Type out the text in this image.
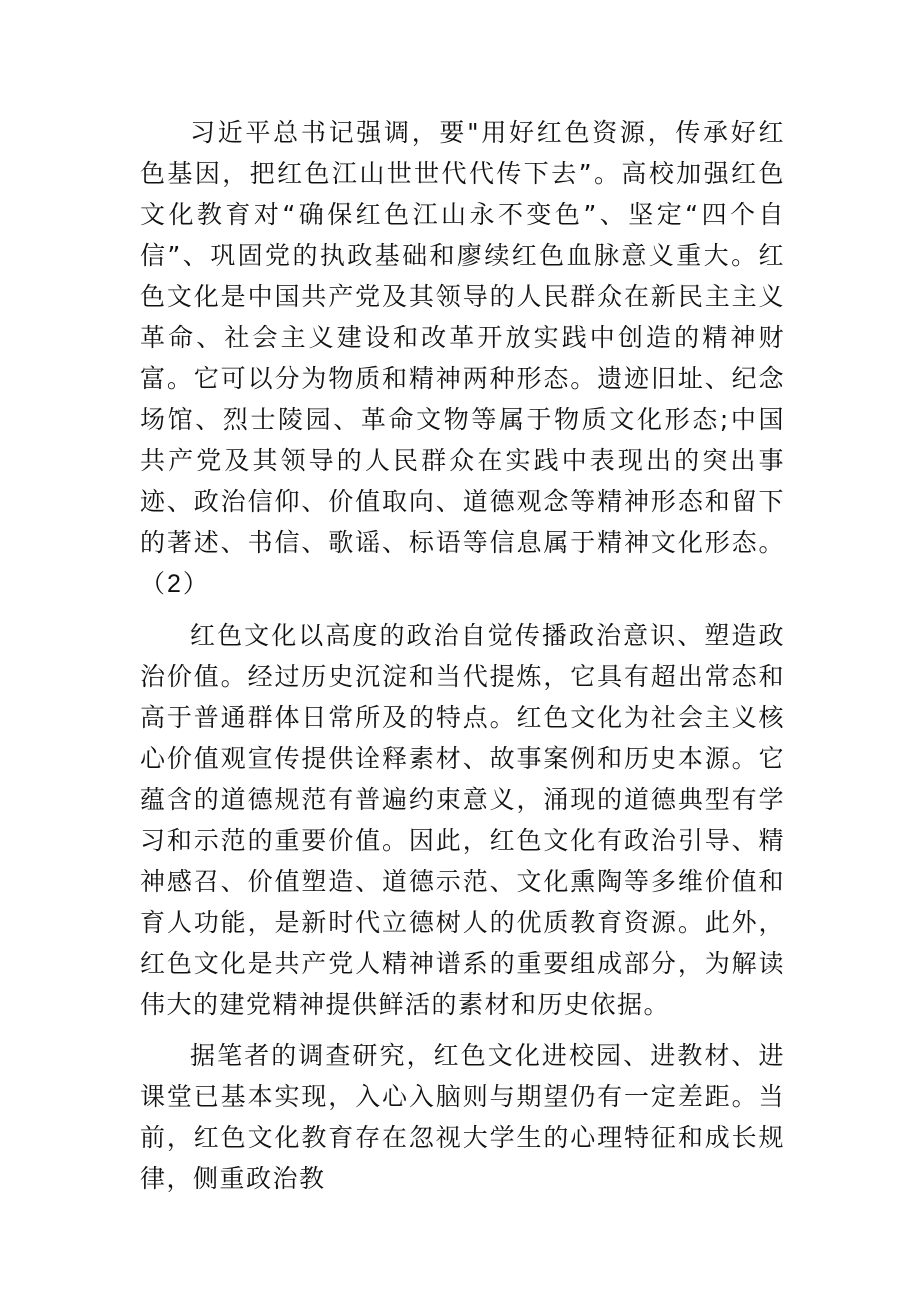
习近平总书记强调，要"用好红色资源，传承好红色基因，把红色江山世世代代传下去”。高校加强红色文化教育对“确保红色江山永不变色”、坚定“四个自信”、巩固党的执政基础和廖续红色血脉意义重大。红色文化是中国共产党及其领导的人民群众在新民主主义革命、社会主义建设和改革开放实践中创造的精神财富。它可以分为物质和精神两种形态。遗迹旧址、纪念场馆、烈士陵园、革命文物等属于物质文化形态;中国共产党及其领导的人民群众在实践中表现出的突出事迹、政治信仰、价值取向、道德观念等精神形态和留下的著述、书信、歌谣、标语等信息属于精神文化形态。（2）

红色文化以高度的政治自觉传播政治意识、塑造政治价值。经过历史沉淀和当代提炼，它具有超出常态和高于普通群体日常所及的特点。红色文化为社会主义核心价值观宣传提供诠释素材、故事案例和历史本源。它蕴含的道德规范有普遍约束意义，涌现的道德典型有学习和示范的重要价值。因此，红色文化有政治引导、精神感召、价值塑造、道德示范、文化熏陶等多维价值和育人功能，是新时代立德树人的优质教育资源。此外，红色文化是共产党人精神谱系的重要组成部分，为解读伟大的建党精神提供鲜活的素材和历史依据。

据笔者的调查研究，红色文化进校园、进教材、进课堂已基本实现，入心入脑则与期望仍有一定差距。当前，红色文化教育存在忽视大学生的心理特征和成长规律，侧重政治教
